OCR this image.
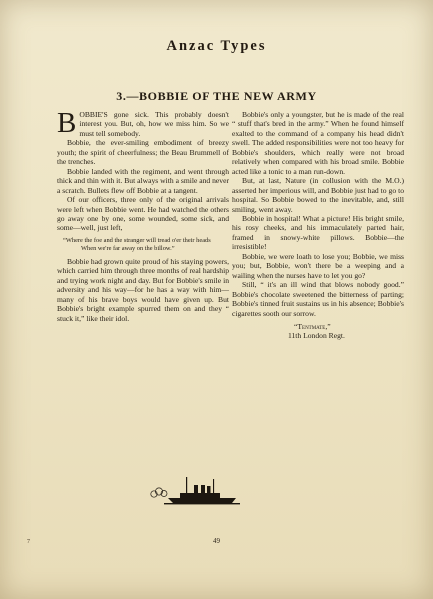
Anzac Types
3.—BOBBIE OF THE NEW ARMY

BOBBIE'S gone sick. This probably doesn't interest you. But, oh, how we miss him. So we must tell somebody.

Bobbie, the ever-smiling embodiment of breezy youth; the spirit of cheerfulness; the Beau Brummell of the trenches.

Bobbie landed with the regiment, and went through thick and thin with it. But always with a smile and never a scratch. Bullets flew off Bobbie at a tangent.

Of our officers, three only of the original arrivals were left when Bobbie went. He had watched the others go away one by one, some wounded, some sick, and some—well, just left,

“Where the foe and the stranger will tread o'er their heads
When we're far away on the billow.”

Bobbie had grown quite proud of his staying powers, which carried him through three months of real hardship and trying work night and day. But for Bobbie's smile in adversity and his way—for he has a way with him—many of his brave boys would have given up. But Bobbie's bright example spurred them on and they “ stuck it,” like their idol.

Bobbie's only a youngster, but he is made of the real “ stuff that's bred in the army.” When he found himself exalted to the command of a company his head didn't swell. The added responsibilities were not too heavy for Bobbie's shoulders, which really were not broad relatively when compared with his broad smile. Bobbie acted like a tonic to a man run-down.

But, at last, Nature (in collusion with the M.O.) asserted her imperious will, and Bobbie just had to go to hospital. So Bobbie bowed to the inevitable, and, still smiling, went away.

Bobbie in hospital! What a picture! His bright smile, his rosy cheeks, and his immaculately parted hair, framed in snowy-white pillows. Bobbie—the irresistible!

Bobbie, we were loath to lose you; Bobbie, we miss you; but, Bobbie, won't there be a weeping and a wailing when the nurses have to let you go?

Still, “ it's an ill wind that blows nobody good.” Bobbie's chocolate sweetened the bitterness of parting; Bobbie's tinned fruit sustains us in his absence; Bobbie's cigarettes sooth our sorrow.

“Tentmate,”
11th London Regt.
49
7
